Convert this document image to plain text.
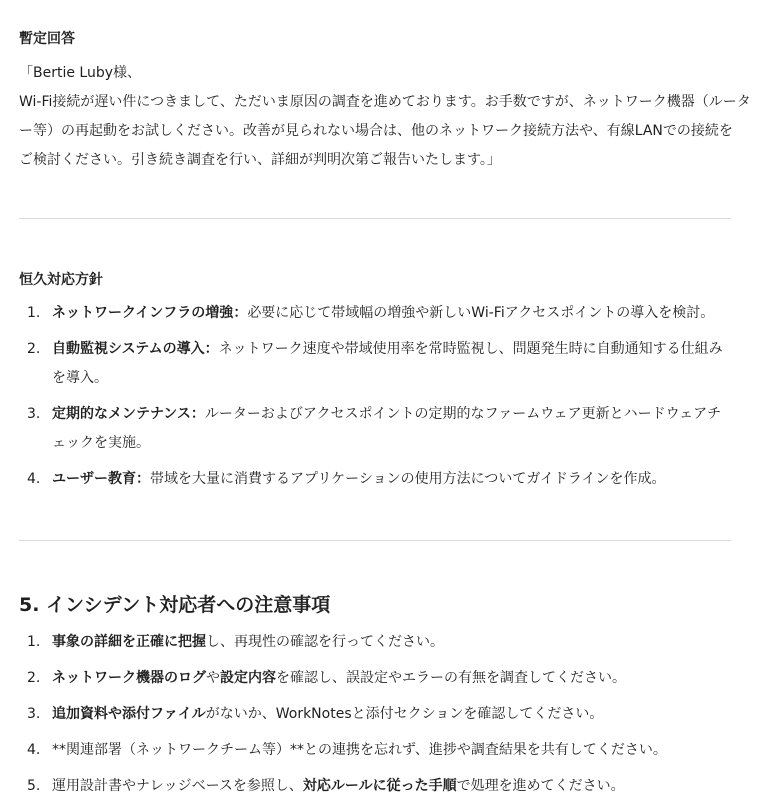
暫定回答
「Bertie Luby様、
Wi-Fi接続が遅い件につきまして、ただいま原因の調査を進めております。お手数ですが、ネットワーク機器（ルータ
ー等）の再起動をお試しください。改善が見られない場合は、他のネットワーク接続方法や、有線LANでの接続を
ご検討ください。引き続き調査を行い、詳細が判明次第ご報告いたします。」
恒久対応方針
1. ネットワークインフラの増強：必要に応じて帯域幅の増強や新しいWi-Fiアクセスポイントの導入を検討。
2. 自動監視システムの導入：ネットワーク速度や帯域使用率を常時監視し、問題発生時に自動通知する仕組みを導入。
3. 定期的なメンテナンス：ルーターおよびアクセスポイントの定期的なファームウェア更新とハードウェアチェックを実施。
4. ユーザー教育：帯域を大量に消費するアプリケーションの使用方法についてガイドラインを作成。
5. インシデント対応者への注意事項
1. 事象の詳細を正確に把握し、再現性の確認を行ってください。
2. ネットワーク機器のログや設定内容を確認し、誤設定やエラーの有無を調査してください。
3. 追加資料や添付ファイルがないか、WorkNotesと添付セクションを確認してください。
4. **関連部署（ネットワークチーム等）**との連携を忘れず、進捗や調査結果を共有してください。
5. 運用設計書やナレッジベースを参照し、対応ルールに従った手順で処理を進めてください。
